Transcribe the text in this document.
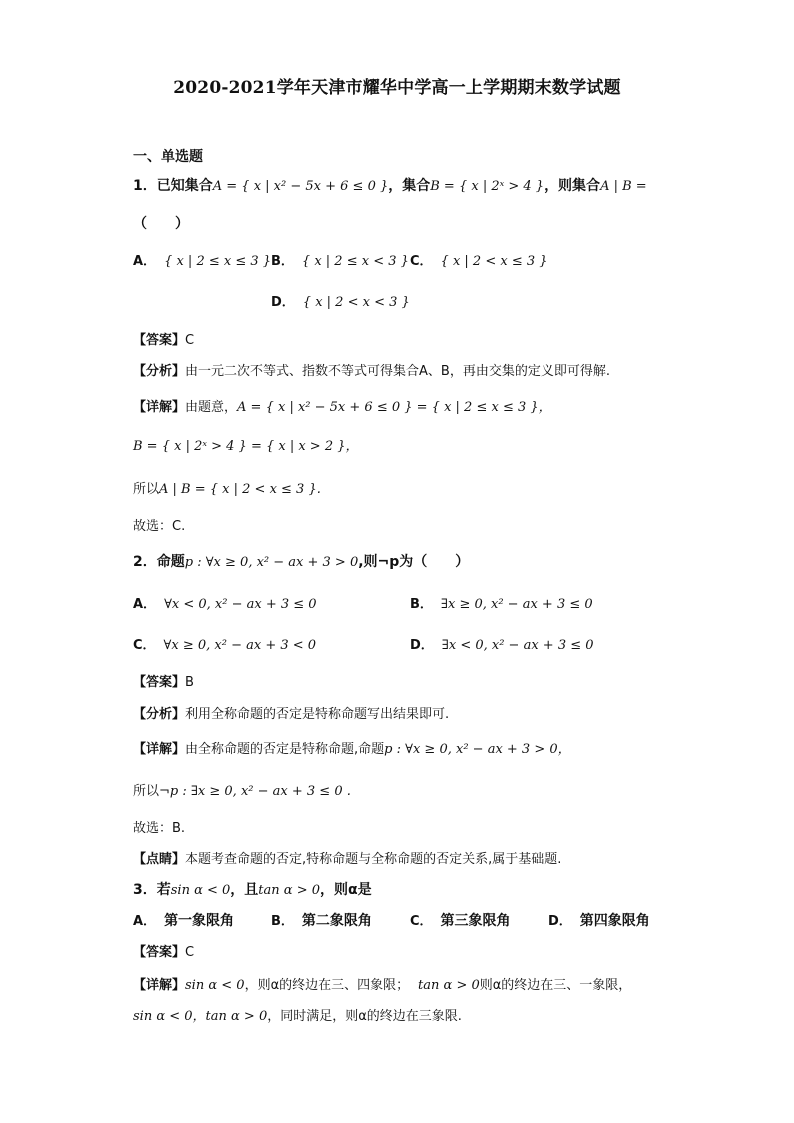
2020-2021学年天津市耀华中学高一上学期期末数学试题
一、单选题
1．已知集合A = { x | x² − 5x + 6 ≤ 0 }，集合B = { x | 2ˣ > 4 }，则集合A | B =
（　　）
A． { x | 2 ≤ x ≤ 3 } B． { x | 2 ≤ x < 3 } C． { x | 2 < x ≤ 3 }
D． { x | 2 < x < 3 }
【答案】C
【分析】由一元二次不等式、指数不等式可得集合A、B，再由交集的定义即可得解.
【详解】由题意，A = { x | x² − 5x + 6 ≤ 0 } = { x | 2 ≤ x ≤ 3 }，
B = { x | 2ˣ > 4 } = { x | x > 2 }，
所以A | B = { x | 2 < x ≤ 3 }.
故选：C.
2．命题p : ∀x ≥ 0, x² − ax + 3 > 0,则¬p为（　　）
A． ∀x < 0, x² − ax + 3 ≤ 0	B． ∃x ≥ 0, x² − ax + 3 ≤ 0
C． ∀x ≥ 0, x² − ax + 3 < 0	D． ∃x < 0, x² − ax + 3 ≤ 0
【答案】B
【分析】利用全称命题的否定是特称命题写出结果即可.
【详解】由全称命题的否定是特称命题,命题p : ∀x ≥ 0, x² − ax + 3 > 0，
所以¬p : ∃x ≥ 0, x² − ax + 3 ≤ 0 .
故选：B.
【点睛】本题考查命题的否定,特称命题与全称命题的否定关系,属于基础题.
3．若sin α < 0，且tan α > 0，则α是
A． 第一象限角	B． 第二象限角	C． 第三象限角	D． 第四象限角
【答案】C
【详解】sin α < 0，则α的终边在三、四象限； tan α > 0则α的终边在三、一象限，
sin α < 0，tan α > 0，同时满足，则α的终边在三象限.
